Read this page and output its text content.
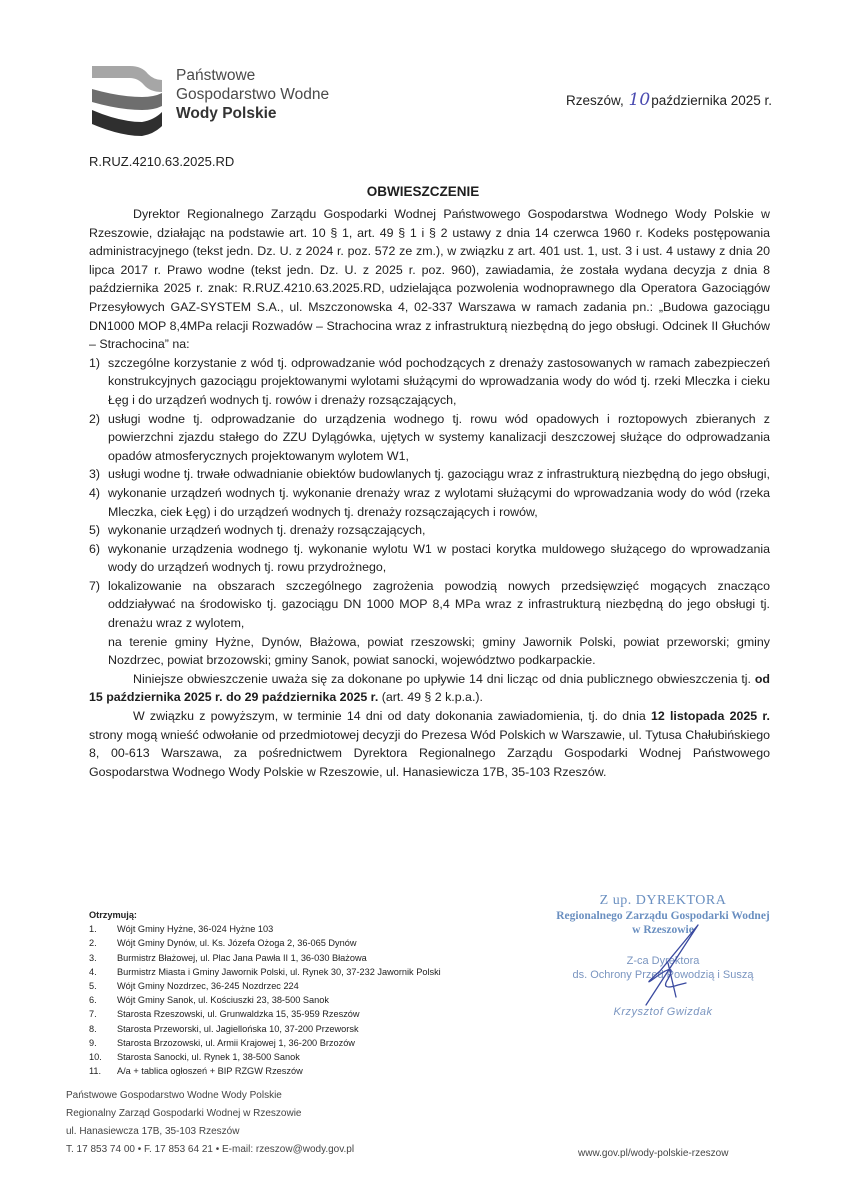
Państwowe
Gospodarstwo Wodne
Wody Polskie
Rzeszów, 10października 2025 r.
R.RUZ.4210.63.2025.RD
OBWIESZCZENIE

Dyrektor Regionalnego Zarządu Gospodarki Wodnej Państwowego Gospodarstwa Wodnego Wody Polskie w Rzeszowie, działając na podstawie art. 10 § 1, art. 49 § 1 i § 2 ustawy z dnia 14 czerwca 1960 r. Kodeks postępowania administracyjnego (tekst jedn. Dz. U. z 2024 r. poz. 572 ze zm.), w związku z art. 401 ust. 1, ust. 3 i ust. 4 ustawy z dnia 20 lipca 2017 r. Prawo wodne (tekst jedn. Dz. U. z 2025 r. poz. 960), zawiadamia, że została wydana decyzja z dnia 8 października 2025 r. znak: R.RUZ.4210.63.2025.RD, udzielająca pozwolenia wodnoprawnego dla Operatora Gazociągów Przesyłowych GAZ-SYSTEM S.A., ul. Mszczonowska 4, 02-337 Warszawa w ramach zadania pn.: „Budowa gazociągu DN1000 MOP 8,4MPa relacji Rozwadów – Strachocina wraz z infrastrukturą niezbędną do jego obsługi. Odcinek II Głuchów – Strachocina” na:

1) szczególne korzystanie z wód tj. odprowadzanie wód pochodzących z drenaży zastosowanych w ramach zabezpieczeń konstrukcyjnych gazociągu projektowanymi wylotami służącymi do wprowadzania wody do wód tj. rzeki Mleczka i cieku Łęg i do urządzeń wodnych tj. rowów i drenaży rozsączających,
2) usługi wodne tj. odprowadzanie do urządzenia wodnego tj. rowu wód opadowych i roztopowych zbieranych z powierzchni zjazdu stałego do ZZU Dylągówka, ujętych w systemy kanalizacji deszczowej służące do odprowadzania opadów atmosferycznych projektowanym wylotem W1,
3) usługi wodne tj. trwałe odwadnianie obiektów budowlanych tj. gazociągu wraz z infrastrukturą niezbędną do jego obsługi,
4) wykonanie urządzeń wodnych tj. wykonanie drenaży wraz z wylotami służącymi do wprowadzania wody do wód (rzeka Mleczka, ciek Łęg) i do urządzeń wodnych tj. drenaży rozsączających i rowów,
5) wykonanie urządzeń wodnych tj. drenaży rozsączających,
6) wykonanie urządzenia wodnego tj. wykonanie wylotu W1 w postaci korytka muldowego służącego do wprowadzania wody do urządzeń wodnych tj. rowu przydrożnego,
7) lokalizowanie na obszarach szczególnego zagrożenia powodzią nowych przedsięwzięć mogących znacząco oddziaływać na środowisko tj. gazociągu DN 1000 MOP 8,4 MPa wraz z infrastrukturą niezbędną do jego obsługi tj. drenażu wraz z wylotem,

na terenie gminy Hyżne, Dynów, Błażowa, powiat rzeszowski; gminy Jawornik Polski, powiat przeworski; gminy Nozdrzec, powiat brzozowski; gminy Sanok, powiat sanocki, województwo podkarpackie.

Niniejsze obwieszczenie uważa się za dokonane po upływie 14 dni licząc od dnia publicznego obwieszczenia tj. od 15 października 2025 r. do 29 października 2025 r. (art. 49 § 2 k.p.a.).

W związku z powyższym, w terminie 14 dni od daty dokonania zawiadomienia, tj. do dnia 12 listopada 2025 r. strony mogą wnieść odwołanie od przedmiotowej decyzji do Prezesa Wód Polskich w Warszawie, ul. Tytusa Chałubińskiego 8, 00-613 Warszawa, za pośrednictwem Dyrektora Regionalnego Zarządu Gospodarki Wodnej Państwowego Gospodarstwa Wodnego Wody Polskie w Rzeszowie, ul. Hanasiewicza 17B, 35-103 Rzeszów.

Otrzymują:
1. Wójt Gminy Hyżne, 36-024 Hyżne 103
2. Wójt Gminy Dynów, ul. Ks. Józefa Ożoga 2, 36-065 Dynów
3. Burmistrz Błażowej, ul. Plac Jana Pawła II 1, 36-030 Błażowa
4. Burmistrz Miasta i Gminy Jawornik Polski, ul. Rynek 30, 37-232 Jawornik Polski
5. Wójt Gminy Nozdrzec, 36-245 Nozdrzec 224
6. Wójt Gminy Sanok, ul. Kościuszki 23, 38-500 Sanok
7. Starosta Rzeszowski, ul. Grunwaldzka 15, 35-959 Rzeszów
8. Starosta Przeworski, ul. Jagiellońska 10, 37-200 Przeworsk
9. Starosta Brzozowski, ul. Armii Krajowej 1, 36-200 Brzozów
10. Starosta Sanocki, ul. Rynek 1, 38-500 Sanok
11. A/a + tablica ogłoszeń + BIP RZGW Rzeszów
Z up. DYREKTORA
Regionalnego Zarządu Gospodarki Wodnej
w Rzeszowie
Z-ca Dyrektora
ds. Ochrony Przed Powodzią i Suszą
Krzysztof Gwizdak
Państwowe Gospodarstwo Wodne Wody Polskie
Regionalny Zarząd Gospodarki Wodnej w Rzeszowie
ul. Hanasiewcza 17B, 35-103 Rzeszów
T. 17 853 74 00 • F. 17 853 64 21 • E-mail: rzeszow@wody.gov.pl	www.gov.pl/wody-polskie-rzeszow
